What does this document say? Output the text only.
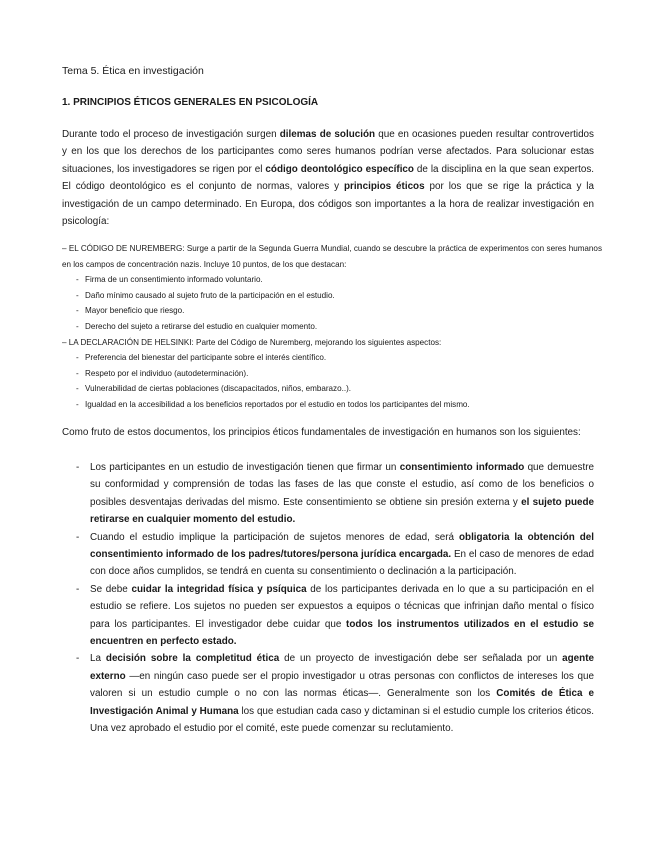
Tema 5. Ética en investigación
1. PRINCIPIOS ÉTICOS GENERALES EN PSICOLOGÍA

Durante todo el proceso de investigación surgen dilemas de solución que en ocasiones pueden resultar controvertidos y en los que los derechos de los participantes como seres humanos podrían verse afectados. Para solucionar estas situaciones, los investigadores se rigen por el código deontológico específico de la disciplina en la que sean expertos. El código deontológico es el conjunto de normas, valores y principios éticos por los que se rige la práctica y la investigación de un campo determinado. En Europa, dos códigos son importantes a la hora de realizar investigación en psicología:

– EL CÓDIGO DE NUREMBERG: Surge a partir de la Segunda Guerra Mundial, cuando se descubre la práctica de experimentos con seres humanos en los campos de concentración nazis. Incluye 10 puntos, de los que destacan:

- Firma de un consentimiento informado voluntario.
- Daño mínimo causado al sujeto fruto de la participación en el estudio.
- Mayor beneficio que riesgo.
- Derecho del sujeto a retirarse del estudio en cualquier momento.

– LA DECLARACIÓN DE HELSINKI: Parte del Código de Nuremberg, mejorando los siguientes aspectos:

- Preferencia del bienestar del participante sobre el interés científico.
- Respeto por el individuo (autodeterminación).
- Vulnerabilidad de ciertas poblaciones (discapacitados, niños, embarazo..).
- Igualdad en la accesibilidad a los beneficios reportados por el estudio en todos los participantes del mismo.

Como fruto de estos documentos, los principios éticos fundamentales de investigación en humanos son los siguientes:

- Los participantes en un estudio de investigación tienen que firmar un consentimiento informado que demuestre su conformidad y comprensión de todas las fases de las que conste el estudio, así como de los beneficios o posibles desventajas derivadas del mismo. Este consentimiento se obtiene sin presión externa y el sujeto puede retirarse en cualquier momento del estudio.
- Cuando el estudio implique la participación de sujetos menores de edad, será obligatoria la obtención del consentimiento informado de los padres/tutores/persona jurídica encargada. En el caso de menores de edad con doce años cumplidos, se tendrá en cuenta su consentimiento o declinación a la participación.
- Se debe cuidar la integridad física y psíquica de los participantes derivada en lo que a su participación en el estudio se refiere. Los sujetos no pueden ser expuestos a equipos o técnicas que infrinjan daño mental o físico para los participantes. El investigador debe cuidar que todos los instrumentos utilizados en el estudio se encuentren en perfecto estado.
- La decisión sobre la completitud ética de un proyecto de investigación debe ser señalada por un agente externo —en ningún caso puede ser el propio investigador u otras personas con conflictos de intereses los que valoren si un estudio cumple o no con las normas éticas—. Generalmente son los Comités de Ética e Investigación Animal y Humana los que estudian cada caso y dictaminan si el estudio cumple los criterios éticos. Una vez aprobado el estudio por el comité, este puede comenzar su reclutamiento.
